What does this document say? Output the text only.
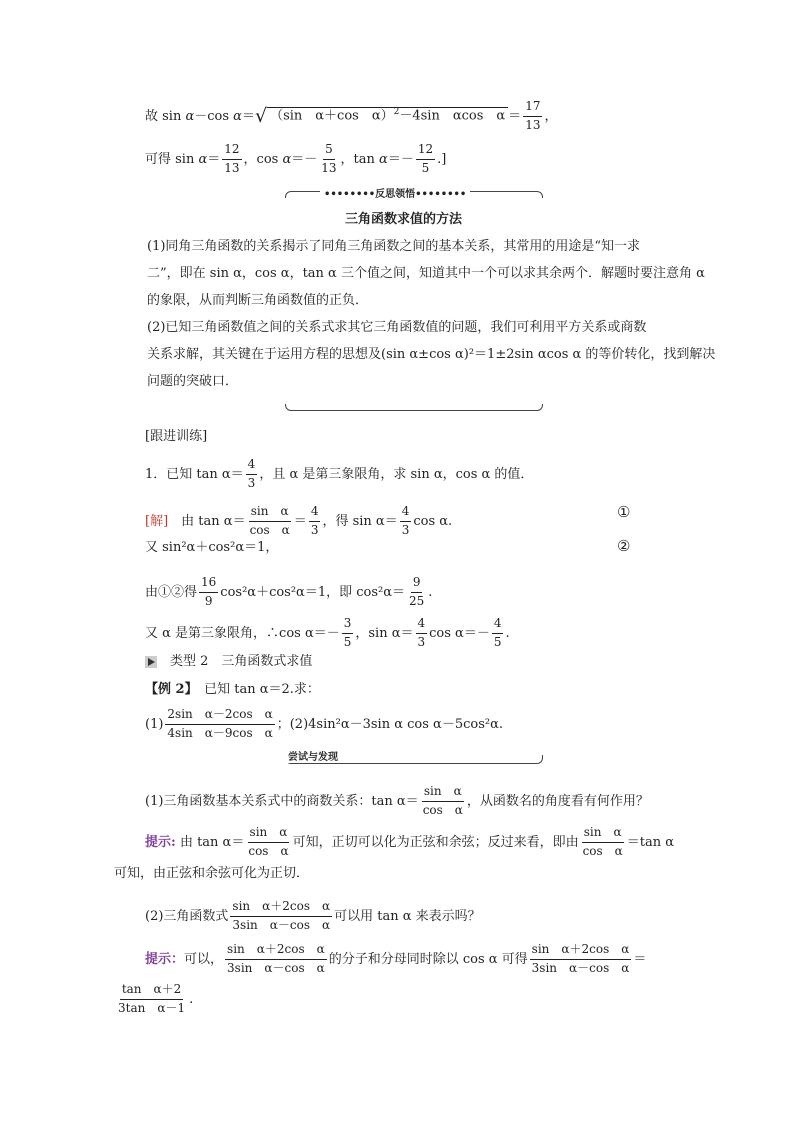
故 sin α－cos α＝√ （sin　α＋cos　α）$^2$－4sin　αcos　$\alpha = \frac{17}{13}$ ，
可得 $\sin \alpha= \frac{12}{13}$ ，$\cos \alpha=- \frac{5}{13}$ ，$\tan \alpha=- \frac{12}{5}$ .]
••••••••反思领悟••••••••
三角函数求值的方法
(1)同角三角函数的关系揭示了同角三角函数之间的基本关系，其常用的用途是“知一求
二”，即在 sin α，cos α，tan α 三个值之间，知道其中一个可以求其余两个．解题时要注意角 α
的象限，从而判断三角函数值的正负．
(2)已知三角函数值之间的关系式求其它三角函数值的问题，我们可利用平方关系或商数
关系求解，其关键在于运用方程的思想及(sin α±cos α)²＝1±2sin αcos α 的等价转化，找到解决
问题的突破口．
[跟进训练]
1．已知 $\tan \alpha= \frac{4}{3}$ ，且 α 是第三象限角，求 sin α，cos α 的值．
[解]　 由 $\tan \alpha= \frac{\text{sin　α}}{\text{cos　α}} = \frac{4}{3}$ ，得 $\sin \alpha= \frac{4}{3}$ cos α.
①
又 sin²α＋cos²α＝1，	②
由①②得 $\frac{16}{9} \cos^2\alpha+\cos^2\alpha=1$，即 $\cos^2\alpha= \frac{9}{25}$ .
又 α 是第三象限角，∴cos $\alpha=- \frac{3}{5}$ ，$\sin \alpha= \frac{4}{3}$ $\cos \alpha=- \frac{4}{5}$ .
　类型 2　三角函数式求值
【例 2】　 已知 tan α＝2.求：
$(1) \frac{\text{2sin　α－2cos　α}}{\text{4sin　α－9cos　α}}$ ；(2)4sin²α－3sin α cos α－5cos²α.
尝试与发现
(1)三角函数基本关系式中的商数关系：$\tan \alpha= \frac{\text{sin　α}}{\text{cos　α}}$ ，从函数名的角度看有何作用？
提示: 由 $\tan \alpha= \frac{\text{sin　α}}{\text{cos　α}}$ 可知，正切可以化为正弦和余弦；反过来看，即由 $\frac{\text{sin　α}}{\text{cos　α}} =\tan$ α
可知，由正弦和余弦可化为正切．
(2)三角函数式 $\frac{\text{sin　α＋2cos　α}}{\text{3sin　α－cos　α}}$ 可以用 tan α 来表示吗？
提示：可以， $\frac{\text{sin　α＋2cos　α}}{\text{3sin　α－cos　α}}$ 的分子和分母同时除以 cos α 可得 $\frac{\text{sin　α＋2cos　α}}{\text{3sin　α－cos　α}}$ ＝
$\frac{\text{tan　α＋2}}{\text{3tan　α－1}}$ .
